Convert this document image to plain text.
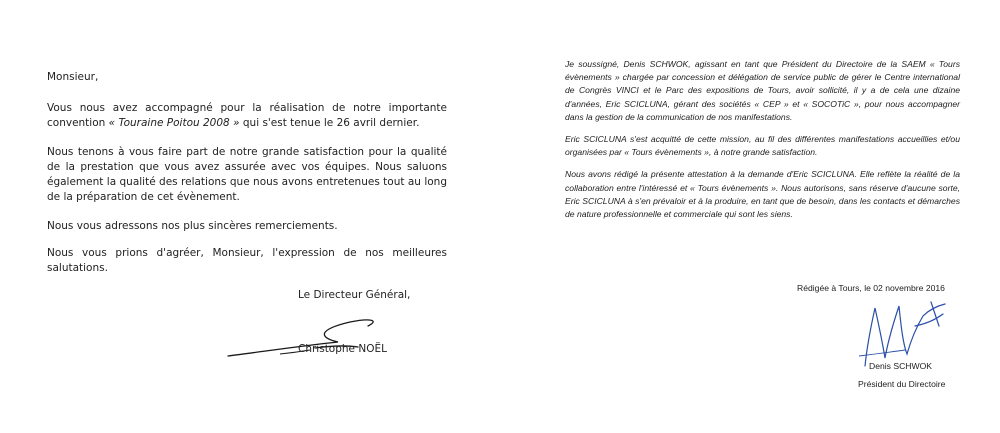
Monsieur,

Vous nous avez accompagné pour la réalisation de notre importante convention « Touraine Poitou 2008 » qui s'est tenue le 26 avril dernier.

Nous tenons à vous faire part de notre grande satisfaction pour la qualité de la prestation que vous avez assurée avec vos équipes. Nous saluons également la qualité des relations que nous avons entretenues tout au long de la préparation de cet évènement.

Nous vous adressons nos plus sincères remerciements.

Nous vous prions d'agréer, Monsieur, l'expression de nos meilleures salutations.

Le Directeur Général,
Christophe NOËL

Je soussigné, Denis SCHWOK, agissant en tant que Président du Directoire de la SAEM « Tours évènements » chargée par concession et délégation de service public de gérer le Centre international de Congrès VINCI et le Parc des expositions de Tours, avoir sollicité, il y a de cela une dizaine d'années, Eric SCICLUNA, gérant des sociétés « CEP » et « SOCOTiC », pour nous accompagner dans la gestion de la communication de nos manifestations.

Eric SCICLUNA s'est acquitté de cette mission, au fil des différentes manifestations accueillies et/ou organisées par « Tours évènements », à notre grande satisfaction.

Nous avons rédigé la présente attestation à la demande d'Eric SCICLUNA. Elle reflète la réalité de la collaboration entre l'intéressé et « Tours évènements ». Nous autorisons, sans réserve d'aucune sorte, Eric SCICLUNA à s'en prévaloir et à la produire, en tant que de besoin, dans les contacts et démarches de nature professionnelle et commerciale qui sont les siens.

Rédigée à Tours, le 02 novembre 2016
Denis SCHWOK
Président du Directoire
